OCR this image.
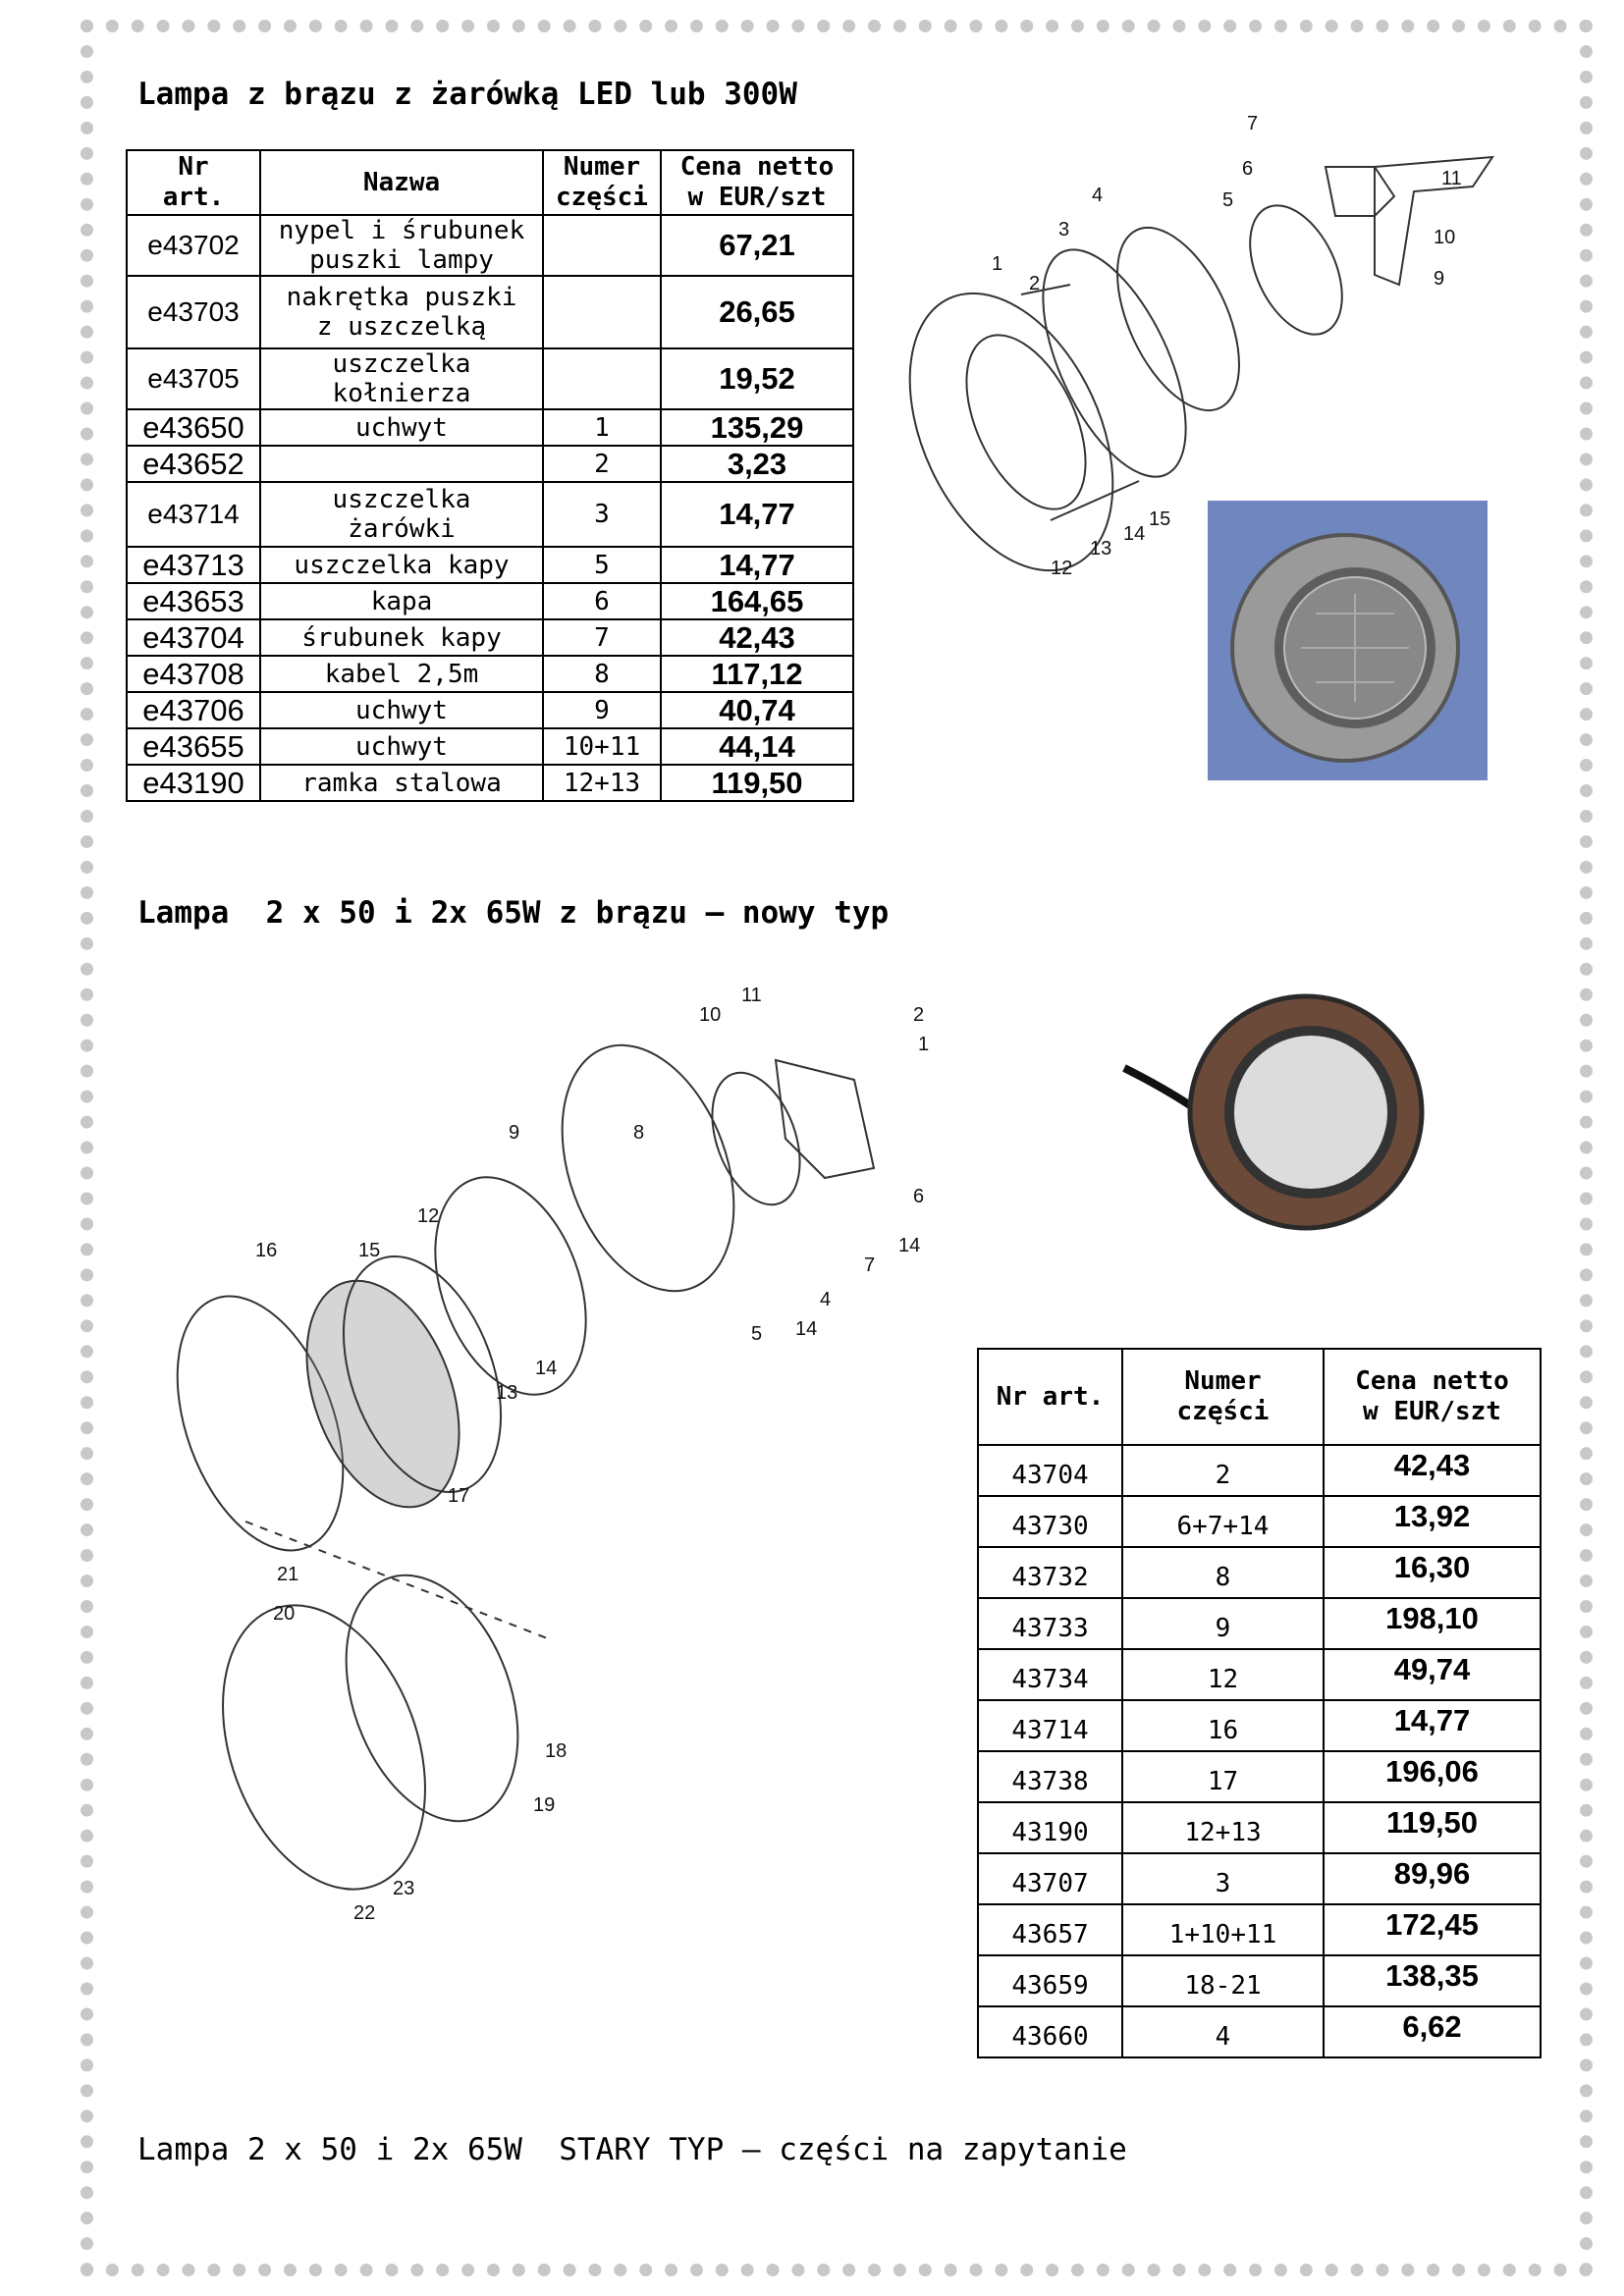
Lampa z brązu z żarówką LED lub 300W
Nr
art.	Nazwa	Numer
części	Cena netto
w EUR/szt
e43702	nypel i śrubunek
puszki lampy		67,21
e43703	nakrętka puszki
z uszczelką		26,65
e43705	uszczelka
kołnierza		19,52
e43650	uchwyt	1	135,29
e43652		2	3,23
e43714	uszczelka
żarówki	3	14,77
e43713	uszczelka kapy	5	14,77
e43653	kapa	6	164,65
e43704	śrubunek kapy	7	42,43
e43708	kabel 2,5m	8	117,12
e43706	uchwyt	9	40,74
e43655	uchwyt	10+11	44,14
e43190	ramka stalowa	12+13	119,50
1
2
3
4	5
6
7
9
10
11
12
13
14
15
Lampa  2 x 50 i 2x 65W z brązu – nowy typ
1
2
4
5
6
7
8
9
10
11
12
13
14
14
14
15
16
17
18
19
20
21
22
23
Nr art.	Numer
części	Cena netto
w EUR/szt
43704	2	42,43
43730	6+7+14	13,92
43732	8	16,30
43733	9	198,10
43734	12	49,74
43714	16	14,77
43738	17	196,06
43190	12+13	119,50
43707	3	89,96
43657	1+10+11	172,45
43659	18-21	138,35
43660	4	6,62
Lampa 2 x 50 i 2x 65W  STARY TYP – części na zapytanie
